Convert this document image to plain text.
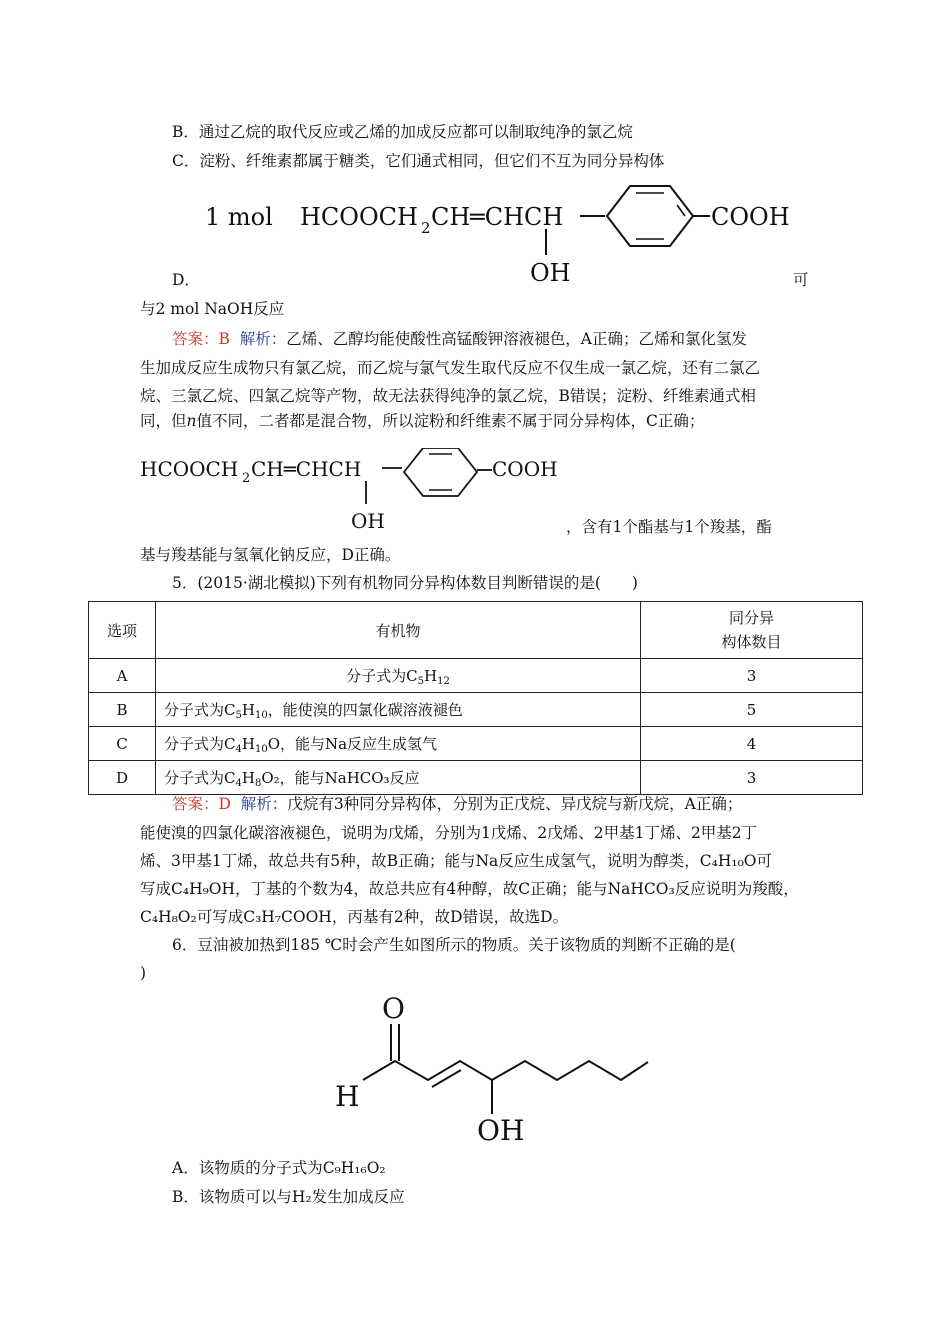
B．通过乙烷的取代反应或乙烯的加成反应都可以制取纯净的氯乙烷
C．淀粉、纤维素都属于糖类，它们通式相同，但它们不互为同分异构体
1 mol HCOOCH 2 CH═CHCH	COOH
OH
D．	可
与2 mol NaOH反应
答案：B 解析：乙烯、乙醇均能使酸性高锰酸钾溶液褪色，A正确；乙烯和氯化氢发
生加成反应生成物只有氯乙烷，而乙烷与氯气发生取代反应不仅生成一氯乙烷，还有二氯乙
烷、三氯乙烷、四氯乙烷等产物，故无法获得纯净的氯乙烷，B错误；淀粉、纤维素通式相
同，但n值不同，二者都是混合物，所以淀粉和纤维素不属于同分异构体，C正确；
HCOOCH 2 CH═CHCH	COOH
OH	，含有1个酯基与1个羧基，酯
基与羧基能与氢氧化钠反应，D正确。
5．(2015·湖北模拟)下列有机物同分异构体数目判断错误的是(　　)
选项	有机物	同分异
构体数目
A	分子式为$C_5H_{12}$	3
B	分子式为$C_5H_{10}$，能使溴的四氯化碳溶液褪色	5
C	分子式为$C_4H_{10}O$，能与Na反应生成氢气	4
D	分子式为$C_4H_8O_2$，能与NaHCO₃反应	3
答案：D 解析：戊烷有3种同分异构体，分别为正戊烷、异戊烷与新戊烷，A正确；
能使溴的四氯化碳溶液褪色，说明为戊烯，分别为1戊烯、2戊烯、2甲基1丁烯、2甲基2丁
烯、3甲基1丁烯，故总共有5种，故B正确；能与Na反应生成氢气，说明为醇类，C₄H₁₀O可
写成C₄H₉OH，丁基的个数为4，故总共应有4种醇，故C正确；能与NaHCO₃反应说明为羧酸，
C₄H₈O₂可写成C₃H₇COOH，丙基有2种，故D错误，故选D。
6．豆油被加热到185 ℃时会产生如图所示的物质。关于该物质的判断不正确的是(
)
O
H
OH
A．该物质的分子式为C₉H₁₆O₂
B．该物质可以与H₂发生加成反应
